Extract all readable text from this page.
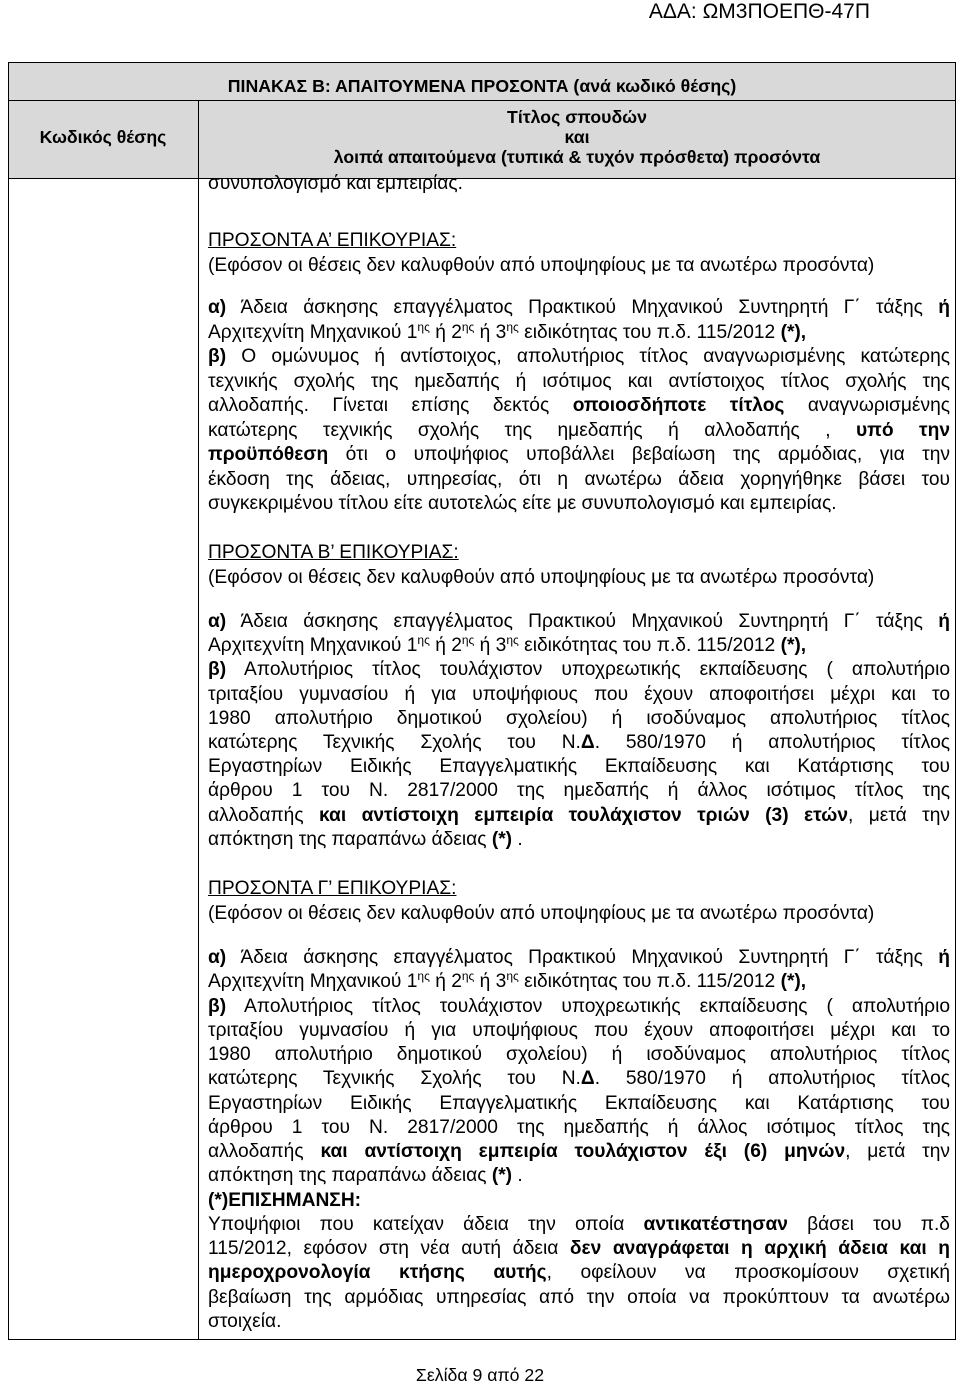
ΑΔΑ: ΩΜ3ΠΟΕΠΘ-47Π
ΠΙΝΑΚΑΣ Β: ΑΠΑΙΤΟΥΜΕΝΑ ΠΡΟΣΟΝΤΑ (ανά κωδικό θέσης)
Κωδικός θέσης
Τίτλος σπουδών
και
λοιπά απαιτούμενα (τυπικά & τυχόν πρόσθετα) προσόντα
συνυπολογισμό και εμπειρίας.
ΠΡΟΣΟΝΤΑ Α’ ΕΠΙΚΟΥΡΙΑΣ:
(Εφόσον οι θέσεις δεν καλυφθούν από υποψηφίους με τα ανωτέρω προσόντα)
α) Άδεια άσκησης επαγγέλματος Πρακτικού Μηχανικού Συντηρητή Γ΄ τάξης ή
Αρχιτεχνίτη Μηχανικού $1^{\eta\varsigma}$ ή $2^{\eta\varsigma}$ ή $3^{\eta\varsigma}$ ειδικότητας του π.δ. 115/2012 (*),
β) Ο ομώνυμος ή αντίστοιχος, απολυτήριος τίτλος αναγνωρισμένης κατώτερης
τεχνικής σχολής της ημεδαπής ή ισότιμος και αντίστοιχος τίτλος σχολής της
αλλοδαπής. Γίνεται επίσης δεκτός οποιοσδήποτε τίτλος αναγνωρισμένης
κατώτερης τεχνικής σχολής της ημεδαπής ή αλλοδαπής , υπό την
προϋπόθεση ότι ο υποψήφιος υποβάλλει βεβαίωση της αρμόδιας, για την
έκδοση της άδειας, υπηρεσίας, ότι η ανωτέρω άδεια χορηγήθηκε βάσει του
συγκεκριμένου τίτλου είτε αυτοτελώς είτε με συνυπολογισμό και εμπειρίας.
ΠΡΟΣΟΝΤΑ Β’ ΕΠΙΚΟΥΡΙΑΣ:
(Εφόσον οι θέσεις δεν καλυφθούν από υποψηφίους με τα ανωτέρω προσόντα)
α) Άδεια άσκησης επαγγέλματος Πρακτικού Μηχανικού Συντηρητή Γ΄ τάξης ή
Αρχιτεχνίτη Μηχανικού $1^{\eta\varsigma}$ ή $2^{\eta\varsigma}$ ή $3^{\eta\varsigma}$ ειδικότητας του π.δ. 115/2012 (*),
β) Απολυτήριος τίτλος τουλάχιστον υποχρεωτικής εκπαίδευσης ( απολυτήριο
τριταξίου γυμνασίου ή για υποψήφιους που έχουν αποφοιτήσει μέχρι και το
1980 απολυτήριο δημοτικού σχολείου) ή ισοδύναμος απολυτήριος τίτλος
κατώτερης Τεχνικής Σχολής του Ν.Δ. 580/1970 ή απολυτήριος τίτλος
Εργαστηρίων Ειδικής Επαγγελματικής Εκπαίδευσης και Κατάρτισης του
άρθρου 1 του Ν. 2817/2000 της ημεδαπής ή άλλος ισότιμος τίτλος της
αλλοδαπής και αντίστοιχη εμπειρία τουλάχιστον τριών (3) ετών, μετά την
απόκτηση της παραπάνω άδειας (*) .
ΠΡΟΣΟΝΤΑ Γ’ ΕΠΙΚΟΥΡΙΑΣ:
(Εφόσον οι θέσεις δεν καλυφθούν από υποψηφίους με τα ανωτέρω προσόντα)
α) Άδεια άσκησης επαγγέλματος Πρακτικού Μηχανικού Συντηρητή Γ΄ τάξης ή
Αρχιτεχνίτη Μηχανικού $1^{\eta\varsigma}$ ή $2^{\eta\varsigma}$ ή $3^{\eta\varsigma}$ ειδικότητας του π.δ. 115/2012 (*),
β) Απολυτήριος τίτλος τουλάχιστον υποχρεωτικής εκπαίδευσης ( απολυτήριο
τριταξίου γυμνασίου ή για υποψήφιους που έχουν αποφοιτήσει μέχρι και το
1980 απολυτήριο δημοτικού σχολείου) ή ισοδύναμος απολυτήριος τίτλος
κατώτερης Τεχνικής Σχολής του Ν.Δ. 580/1970 ή απολυτήριος τίτλος
Εργαστηρίων Ειδικής Επαγγελματικής Εκπαίδευσης και Κατάρτισης του
άρθρου 1 του Ν. 2817/2000 της ημεδαπής ή άλλος ισότιμος τίτλος της
αλλοδαπής και αντίστοιχη εμπειρία τουλάχιστον έξι (6) μηνών, μετά την
απόκτηση της παραπάνω άδειας (*) .
(*)ΕΠΙΣΗΜΑΝΣΗ:
Υποψήφιοι που κατείχαν άδεια την οποία αντικατέστησαν βάσει του π.δ
115/2012, εφόσον στη νέα αυτή άδεια δεν αναγράφεται η αρχική άδεια και η
ημεροχρονολογία κτήσης αυτής, οφείλουν να προσκομίσουν σχετική
βεβαίωση της αρμόδιας υπηρεσίας από την οποία να προκύπτουν τα ανωτέρω
στοιχεία.
Σελίδα 9 από 22
